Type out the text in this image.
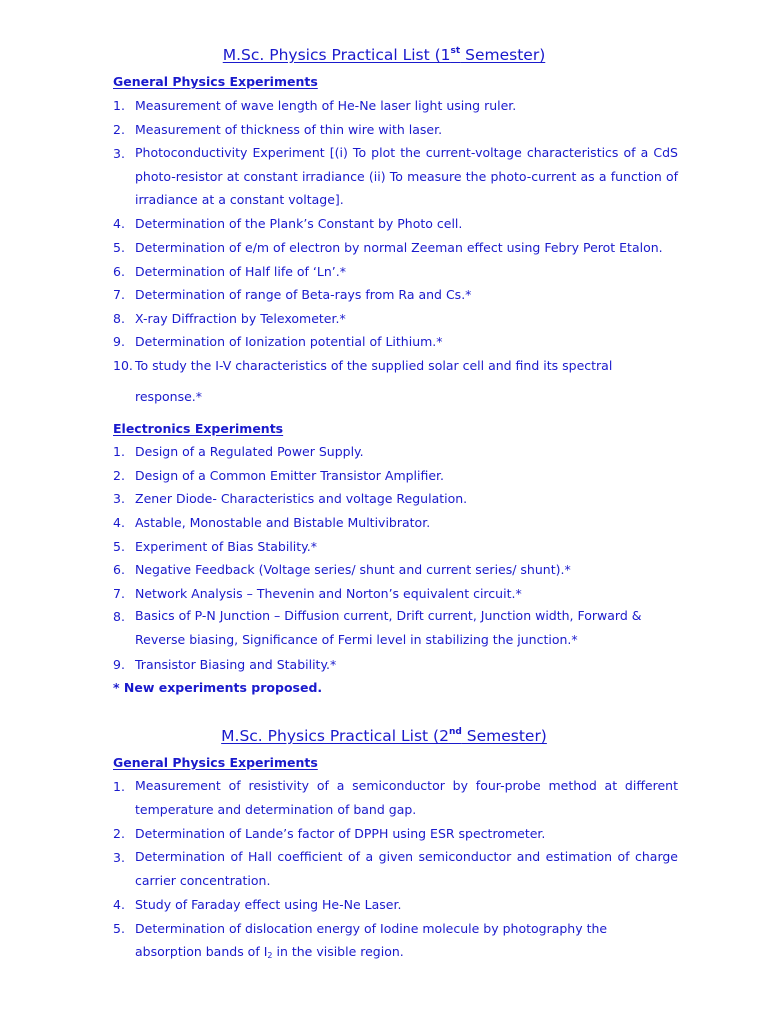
M.Sc. Physics Practical List (1st Semester)
General Physics Experiments
1. Measurement of wave length of He-Ne laser light using ruler.
2. Measurement of thickness of thin wire with laser.
3. Photoconductivity Experiment [(i) To plot the current-voltage characteristics of a CdS photo-resistor at constant irradiance (ii) To measure the photo-current as a function of irradiance at a constant voltage].
4. Determination of the Plank’s Constant by Photo cell.
5. Determination of e/m of electron by normal Zeeman effect using Febry Perot Etalon.
6. Determination of Half life of ‘Ln’.*
7. Determination of range of Beta-rays from Ra and Cs.*
8. X-ray Diffraction by Telexometer.*
9. Determination of Ionization potential of Lithium.*
10. To study the I-V characteristics of the supplied solar cell and find its spectral
response.*
Electronics Experiments
1. Design of a Regulated Power Supply.
2. Design of a Common Emitter Transistor Amplifier.
3. Zener Diode- Characteristics and voltage Regulation.
4. Astable, Monostable and Bistable Multivibrator.
5. Experiment of Bias Stability.*
6. Negative Feedback (Voltage series/ shunt and current series/ shunt).*
7. Network Analysis – Thevenin and Norton’s equivalent circuit.*
8. Basics of P-N Junction – Diffusion current, Drift current, Junction width, Forward & Reverse biasing, Significance of Fermi level in stabilizing the junction.*
9. Transistor Biasing and Stability.*
* New experiments proposed.
M.Sc. Physics Practical List (2nd Semester)
General Physics Experiments
1. Measurement of resistivity of a semiconductor by four-probe method at different temperature and determination of band gap.
2. Determination of Lande’s factor of DPPH using ESR spectrometer.
3. Determination of Hall coefficient of a given semiconductor and estimation of charge carrier concentration.
4. Study of Faraday effect using He-Ne Laser.
5. Determination of dislocation energy of Iodine molecule by photography the
absorption bands of $I_2$ in the visible region.
